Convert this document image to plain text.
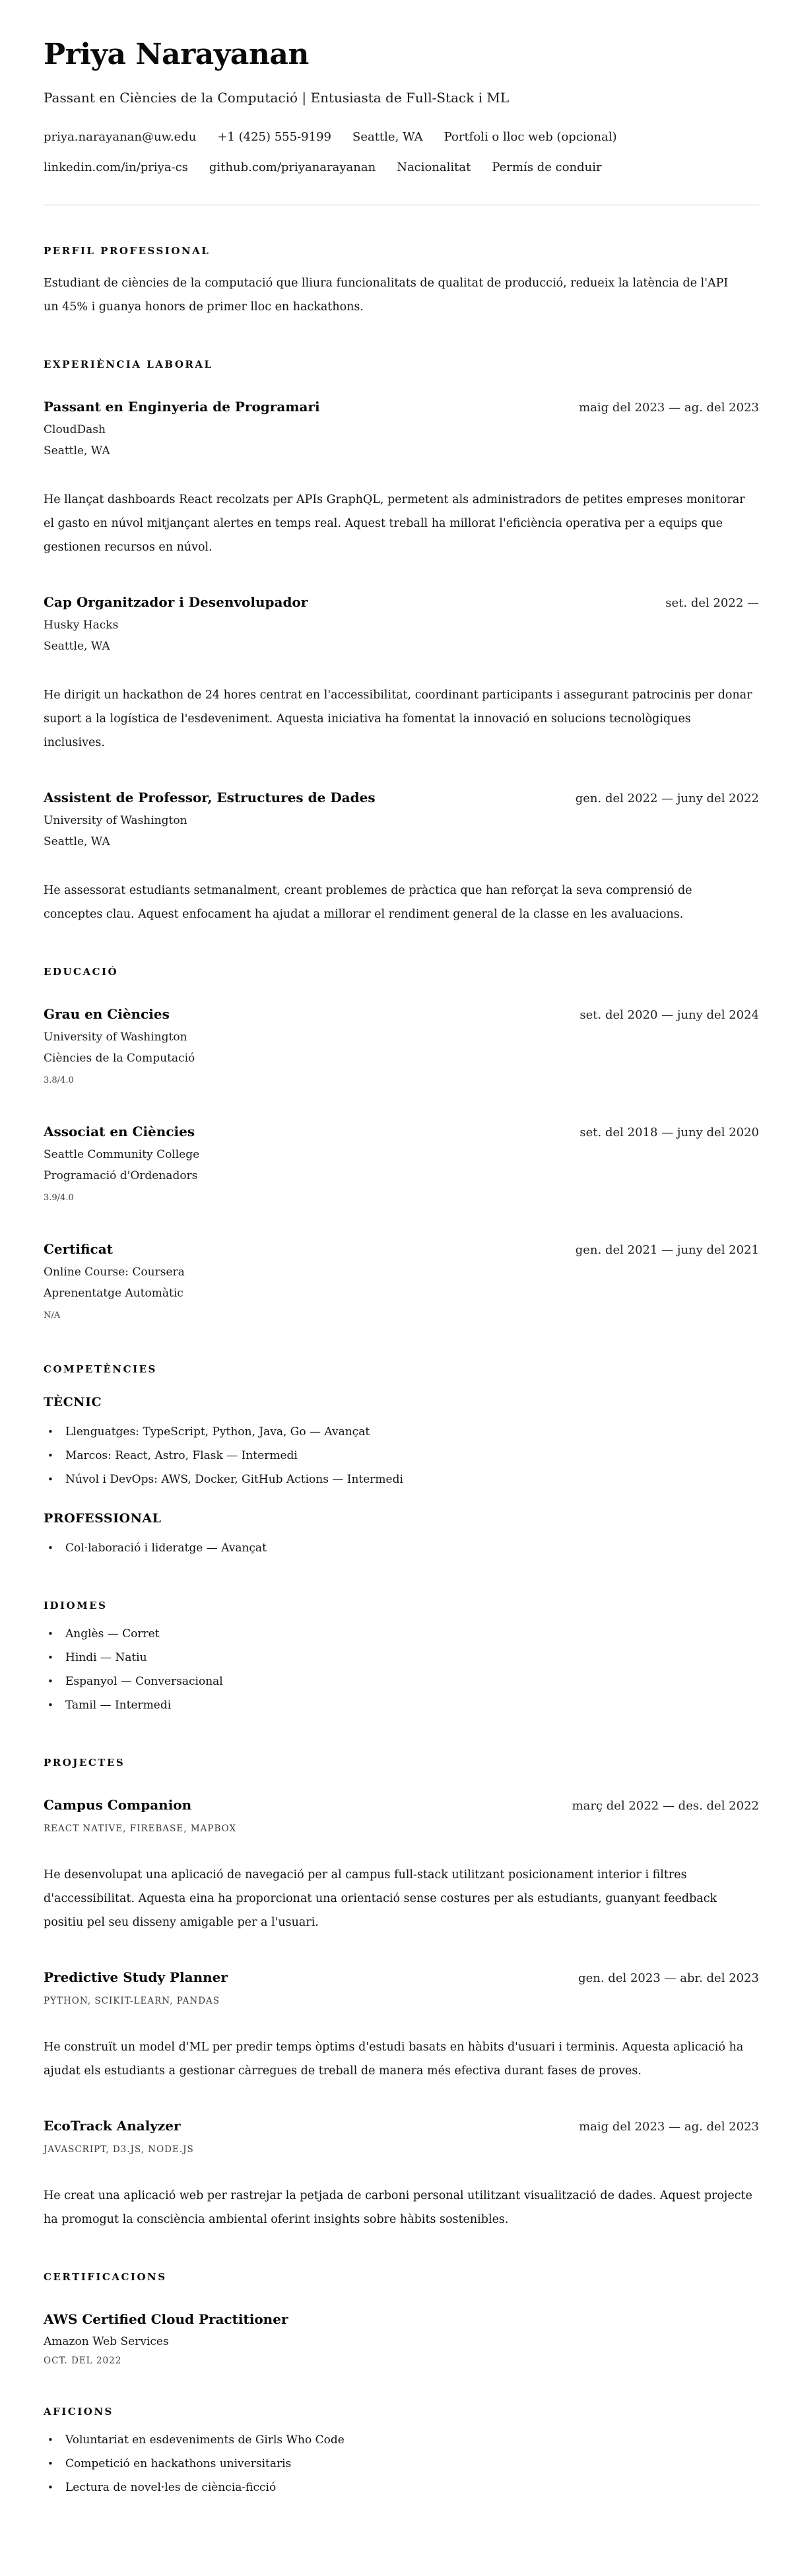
Priya Narayanan
Passant en Ciències de la Computació | Entusiasta de Full-Stack i ML
priya.narayanan@uw.edu +1 (425) 555-9199 Seattle, WA Portfoli o lloc web (opcional)
linkedin.com/in/priya-cs github.com/priyanarayanan Nacionalitat Permís de conduir
PERFIL PROFESSIONAL

Estudiant de ciències de la computació que lliura funcionalitats de qualitat de producció, redueix la latència de l'API un 45% i guanya honors de primer lloc en hackathons.

EXPERIÈNCIA LABORAL
Passant en Enginyeria de Programari	maig del 2023 — ag. del 2023
CloudDash
Seattle, WA

He llançat dashboards React recolzats per APIs GraphQL, permetent als administradors de petites empreses monitorar el gasto en núvol mitjançant alertes en temps real. Aquest treball ha millorat l'eficiència operativa per a equips que gestionen recursos en núvol.

Cap Organitzador i Desenvolupador	set. del 2022 —
Husky Hacks
Seattle, WA

He dirigit un hackathon de 24 hores centrat en l'accessibilitat, coordinant participants i assegurant patrocinis per donar suport a la logística de l'esdeveniment. Aquesta iniciativa ha fomentat la innovació en solucions tecnològiques inclusives.

Assistent de Professor, Estructures de Dades	gen. del 2022 — juny del 2022
University of Washington
Seattle, WA

He assessorat estudiants setmanalment, creant problemes de pràctica que han reforçat la seva comprensió de conceptes clau. Aquest enfocament ha ajudat a millorar el rendiment general de la classe en les avaluacions.

EDUCACIÓ
Grau en Ciències	set. del 2020 — juny del 2024
University of Washington
Ciències de la Computació
3.8/4.0
Associat en Ciències	set. del 2018 — juny del 2020
Seattle Community College
Programació d'Ordenadors
3.9/4.0
Certificat	gen. del 2021 — juny del 2021
Online Course: Coursera
Aprenentatge Automàtic
N/A
COMPETÈNCIES
TÈCNIC
• Llenguatges: TypeScript, Python, Java, Go — Avançat
• Marcos: React, Astro, Flask — Intermedi
• Núvol i DevOps: AWS, Docker, GitHub Actions — Intermedi
PROFESSIONAL
• Col·laboració i lideratge — Avançat
IDIOMES
• Anglès — Corret
• Hindi — Natiu
• Espanyol — Conversacional
• Tamil — Intermedi
PROJECTES
Campus Companion	març del 2022 — des. del 2022
REACT NATIVE, FIREBASE, MAPBOX

He desenvolupat una aplicació de navegació per al campus full-stack utilitzant posicionament interior i filtres d'accessibilitat. Aquesta eina ha proporcionat una orientació sense costures per als estudiants, guanyant feedback positiu pel seu disseny amigable per a l'usuari.

Predictive Study Planner	gen. del 2023 — abr. del 2023
PYTHON, SCIKIT-LEARN, PANDAS

He construït un model d'ML per predir temps òptims d'estudi basats en hàbits d'usuari i terminis. Aquesta aplicació ha ajudat els estudiants a gestionar càrregues de treball de manera més efectiva durant fases de proves.

EcoTrack Analyzer	maig del 2023 — ag. del 2023
JAVASCRIPT, D3.JS, NODE.JS

He creat una aplicació web per rastrejar la petjada de carboni personal utilitzant visualització de dades. Aquest projecte ha promogut la consciència ambiental oferint insights sobre hàbits sostenibles.

CERTIFICACIONS
AWS Certified Cloud Practitioner
Amazon Web Services
OCT. DEL 2022
AFICIONS
• Voluntariat en esdeveniments de Girls Who Code
• Competició en hackathons universitaris
• Lectura de novel·les de ciència-ficció
